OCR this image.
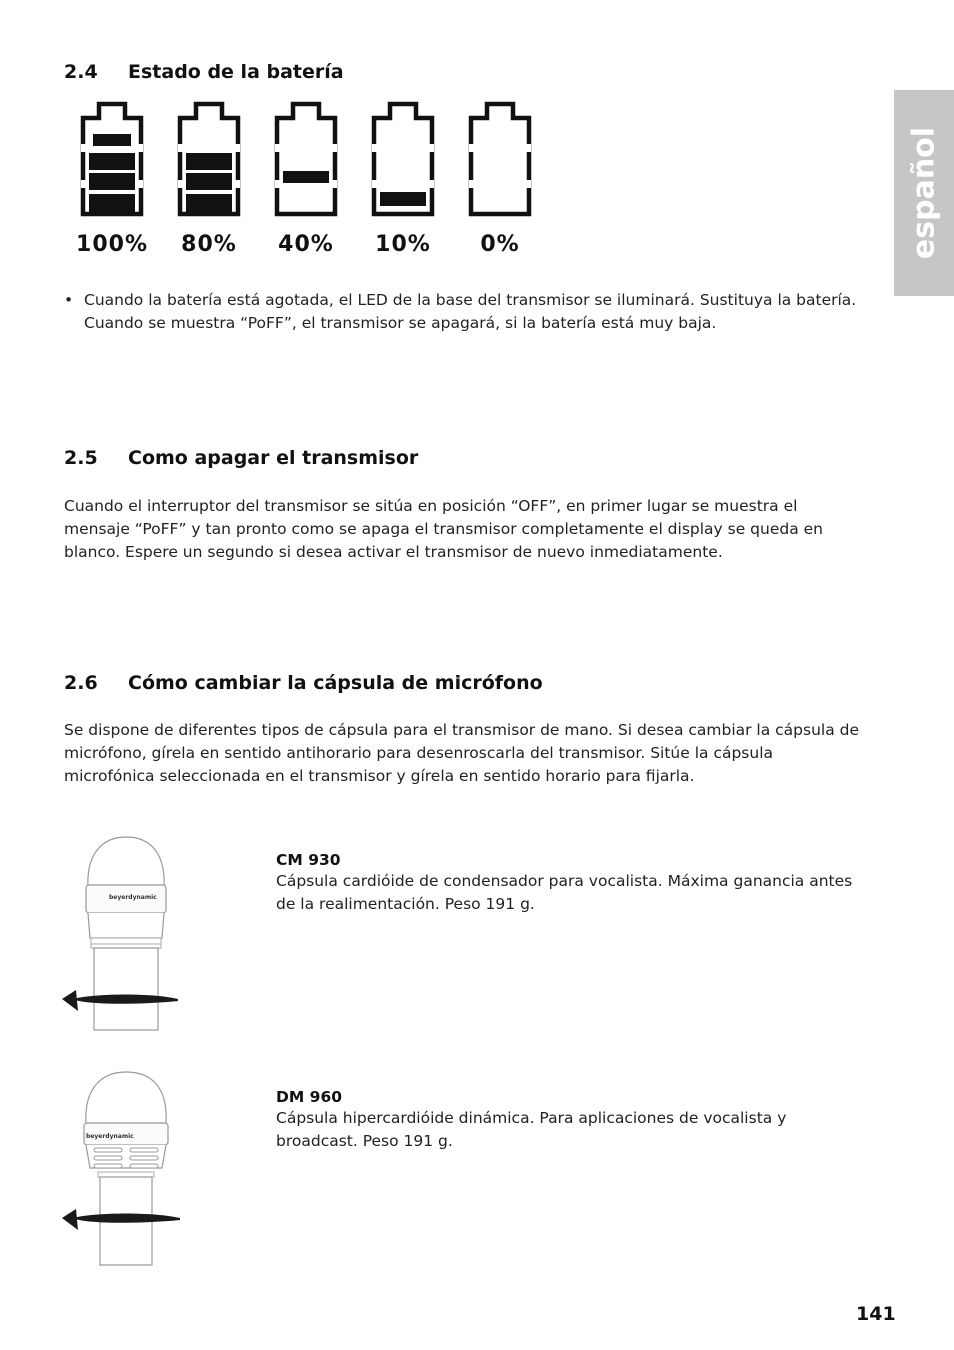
español
2.4 Estado de la batería
100%	80%	40%	10%	0%
• Cuando la batería está agotada, el LED de la base del transmisor se iluminará. Sustituya la batería. Cuando se muestra “PoFF”, el transmisor se apagará, si la batería está muy baja.
2.5 Como apagar el transmisor
Cuando el interruptor del transmisor se sitúa en posición “OFF”, en primer lugar se muestra el mensaje “PoFF” y tan pronto como se apaga el transmisor completamente el display se queda en blanco. Espere un segundo si desea activar el transmisor de nuevo inmediatamente.
2.6 Cómo cambiar la cápsula de micrófono
Se dispone de diferentes tipos de cápsula para el transmisor de mano. Si desea cambiar la cápsula de micrófono, gírela en sentido antihorario para desenroscarla del transmisor. Sitúe la cápsula microfónica seleccionada en el transmisor y gírela en sentido horario para fijarla.
beyerdynamic
CM 930
Cápsula cardióide de condensador para vocalista. Máxima ganancia antes de la realimentación. Peso 191 g.
beyerdynamic
DM 960
Cápsula hipercardióide dinámica. Para aplicaciones de vocalista y broadcast. Peso 191 g.
141
